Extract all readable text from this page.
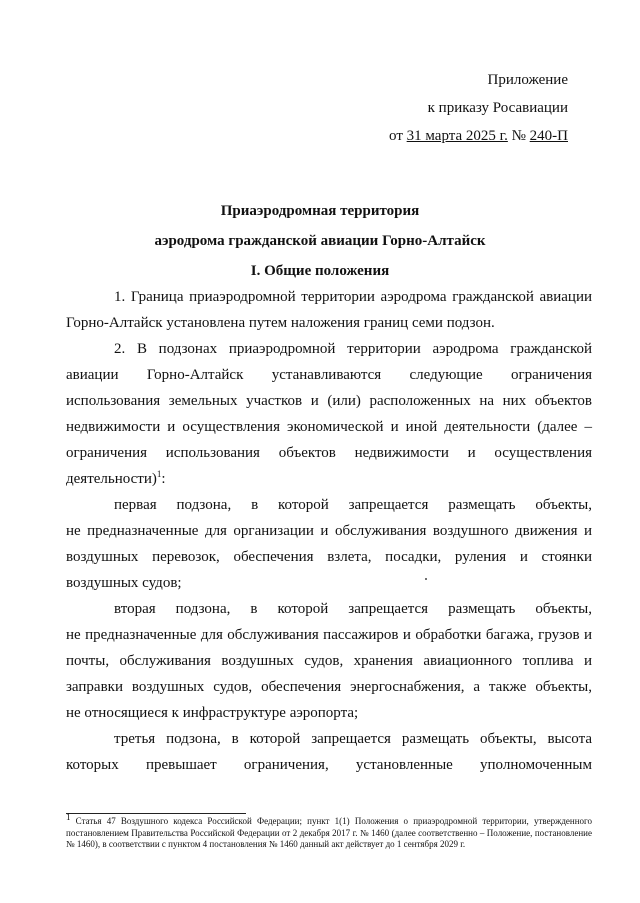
Приложение
к приказу Росавиации
от 31 марта 2025 г. № 240-П
Приаэродромная территория
аэродрома гражданской авиации Горно-Алтайск
I. Общие положения
1. Граница приаэродромной территории аэродрома гражданской авиации
Горно-Алтайск установлена путем наложения границ семи подзон.
2. В подзонах приаэродромной территории аэродрома гражданской
авиации Горно-Алтайск устанавливаются следующие ограничения
использования земельных участков и (или) расположенных на них объектов
недвижимости и осуществления экономической и иной деятельности (далее –
ограничения использования объектов недвижимости и осуществления
деятельности)$^1$:
первая подзона, в которой запрещается размещать объекты,
не предназначенные для организации и обслуживания воздушного движения и
воздушных перевозок, обеспечения взлета, посадки, руления и стоянки
воздушных судов;
вторая подзона, в которой запрещается размещать объекты,
не предназначенные для обслуживания пассажиров и обработки багажа, грузов и
почты, обслуживания воздушных судов, хранения авиационного топлива и
заправки воздушных судов, обеспечения энергоснабжения, а также объекты,
не относящиеся к инфраструктуре аэропорта;
третья подзона, в которой запрещается размещать объекты, высота
которых превышает ограничения, установленные уполномоченным
$^1$ Статья 47 Воздушного кодекса Российской Федерации; пункт 1(1) Положения о приаэродромной территории, утвержденного постановлением Правительства Российской Федерации от 2 декабря 2017 г. № 1460 (далее соответственно – Положение, постановление № 1460), в соответствии с пунктом 4 постановления № 1460 данный акт действует до 1 сентября 2029 г.
